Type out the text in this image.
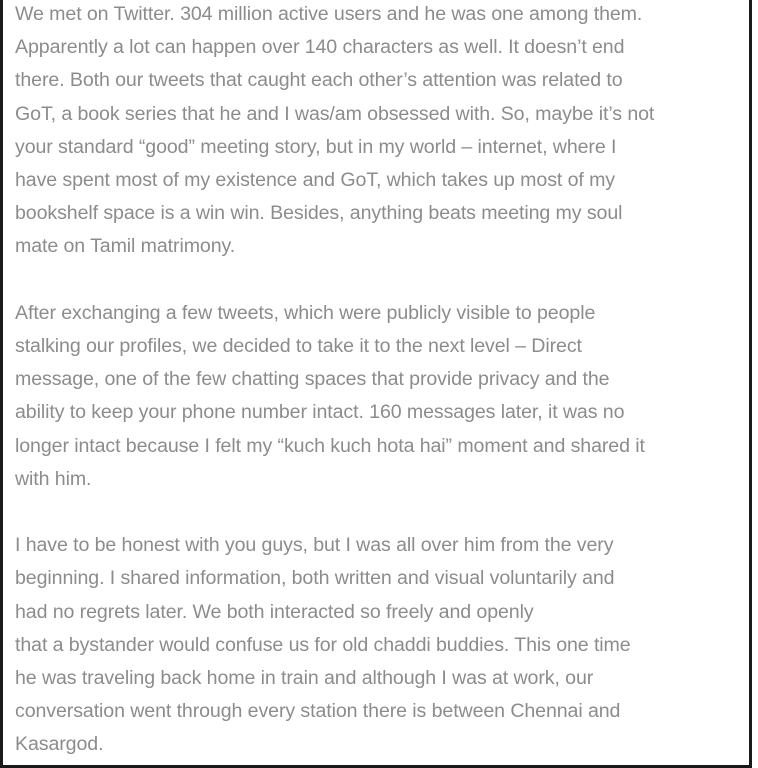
We met on Twitter. 304 million active users and he was one among them.
Apparently a lot can happen over 140 characters as well. It doesn’t end
there. Both our tweets that caught each other’s attention was related to
GoT, a book series that he and I was/am obsessed with. So, maybe it’s not
your standard “good” meeting story, but in my world – internet, where I
have spent most of my existence and GoT, which takes up most of my
bookshelf space is a win win. Besides, anything beats meeting my soul
mate on Tamil matrimony.

After exchanging a few tweets, which were publicly visible to people
stalking our profiles, we decided to take it to the next level – Direct
message, one of the few chatting spaces that provide privacy and the
ability to keep your phone number intact. 160 messages later, it was no
longer intact because I felt my “kuch kuch hota hai” moment and shared it
with him.

I have to be honest with you guys, but I was all over him from the very
beginning. I shared information, both written and visual voluntarily and
had no regrets later. We both interacted so freely and openly
that a bystander would confuse us for old chaddi buddies. This one time
he was traveling back home in train and although I was at work, our
conversation went through every station there is between Chennai and
Kasargod.
